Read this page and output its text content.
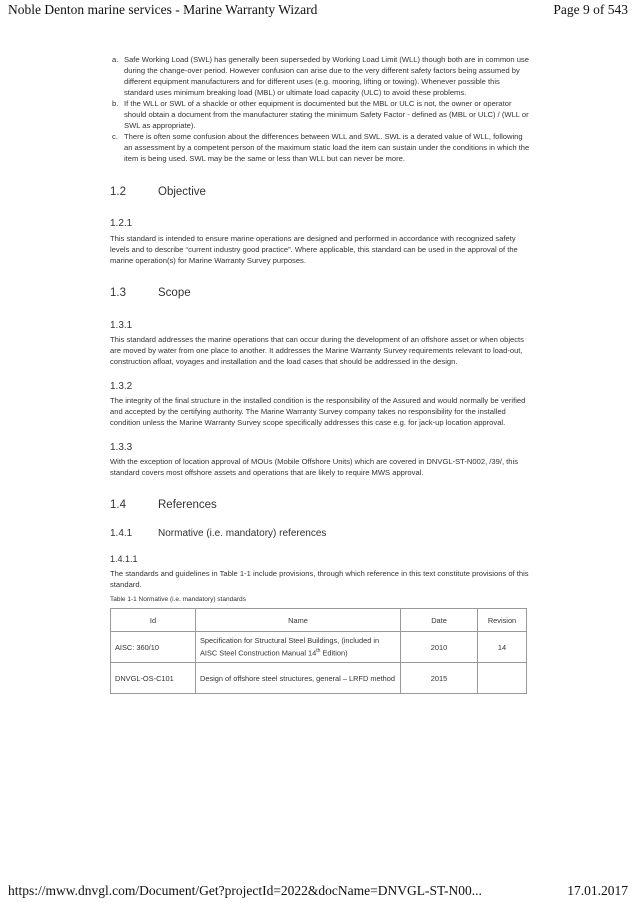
Noble Denton marine services - Marine Warranty Wizard	Page 9 of 543
a. Safe Working Load (SWL) has generally been superseded by Working Load Limit (WLL) though both are in common use during the change-over period. However confusion can arise due to the very different safety factors being assumed by different equipment manufacturers and for different uses (e.g. mooring, lifting or towing). Whenever possible this standard uses minimum breaking load (MBL) or ultimate load capacity (ULC) to avoid these problems.
b. If the WLL or SWL of a shackle or other equipment is documented but the MBL or ULC is not, the owner or operator should obtain a document from the manufacturer stating the minimum Safety Factor - defined as (MBL or ULC) / (WLL or SWL as appropriate).
c. There is often some confusion about the differences between WLL and SWL. SWL is a derated value of WLL, following an assessment by a competent person of the maximum static load the item can sustain under the conditions in which the item is being used. SWL may be the same or less than WLL but can never be more.
1.2	Objective
1.2.1

This standard is intended to ensure marine operations are designed and performed in accordance with recognized safety levels and to describe “current industry good practice”. Where applicable, this standard can be used in the approval of the marine operation(s) for Marine Warranty Survey purposes.

1.3	Scope
1.3.1

This standard addresses the marine operations that can occur during the development of an offshore asset or when objects are moved by water from one place to another. It addresses the Marine Warranty Survey requirements relevant to load-out, construction afloat, voyages and installation and the load cases that should be addressed in the design.

1.3.2

The integrity of the final structure in the installed condition is the responsibility of the Assured and would normally be verified and accepted by the certifying authority. The Marine Warranty Survey company takes no responsibility for the installed condition unless the Marine Warranty Survey scope specifically addresses this case e.g. for jack-up location approval.

1.3.3

With the exception of location approval of MOUs (Mobile Offshore Units) which are covered in DNVGL-ST-N002, /39/, this standard covers most offshore assets and operations that are likely to require MWS approval.

1.4	References
1.4.1	Normative (i.e. mandatory) references
1.4.1.1

The standards and guidelines in Table 1-1 include provisions, through which reference in this text constitute provisions of this standard.

Table 1-1 Normative (i.e. mandatory) standards
Id	Name	Date	Revision
AISC: 360/10	Specification for Structural Steel Buildings, (included in AISC Steel Construction Manual 14th Edition)	2010	14
DNVGL-OS-C101	Design of offshore steel structures, general – LRFD method	2015	
https://mww.dnvgl.com/Document/Get?projectId=2022&docName=DNVGL-ST-N00...	17.01.2017
